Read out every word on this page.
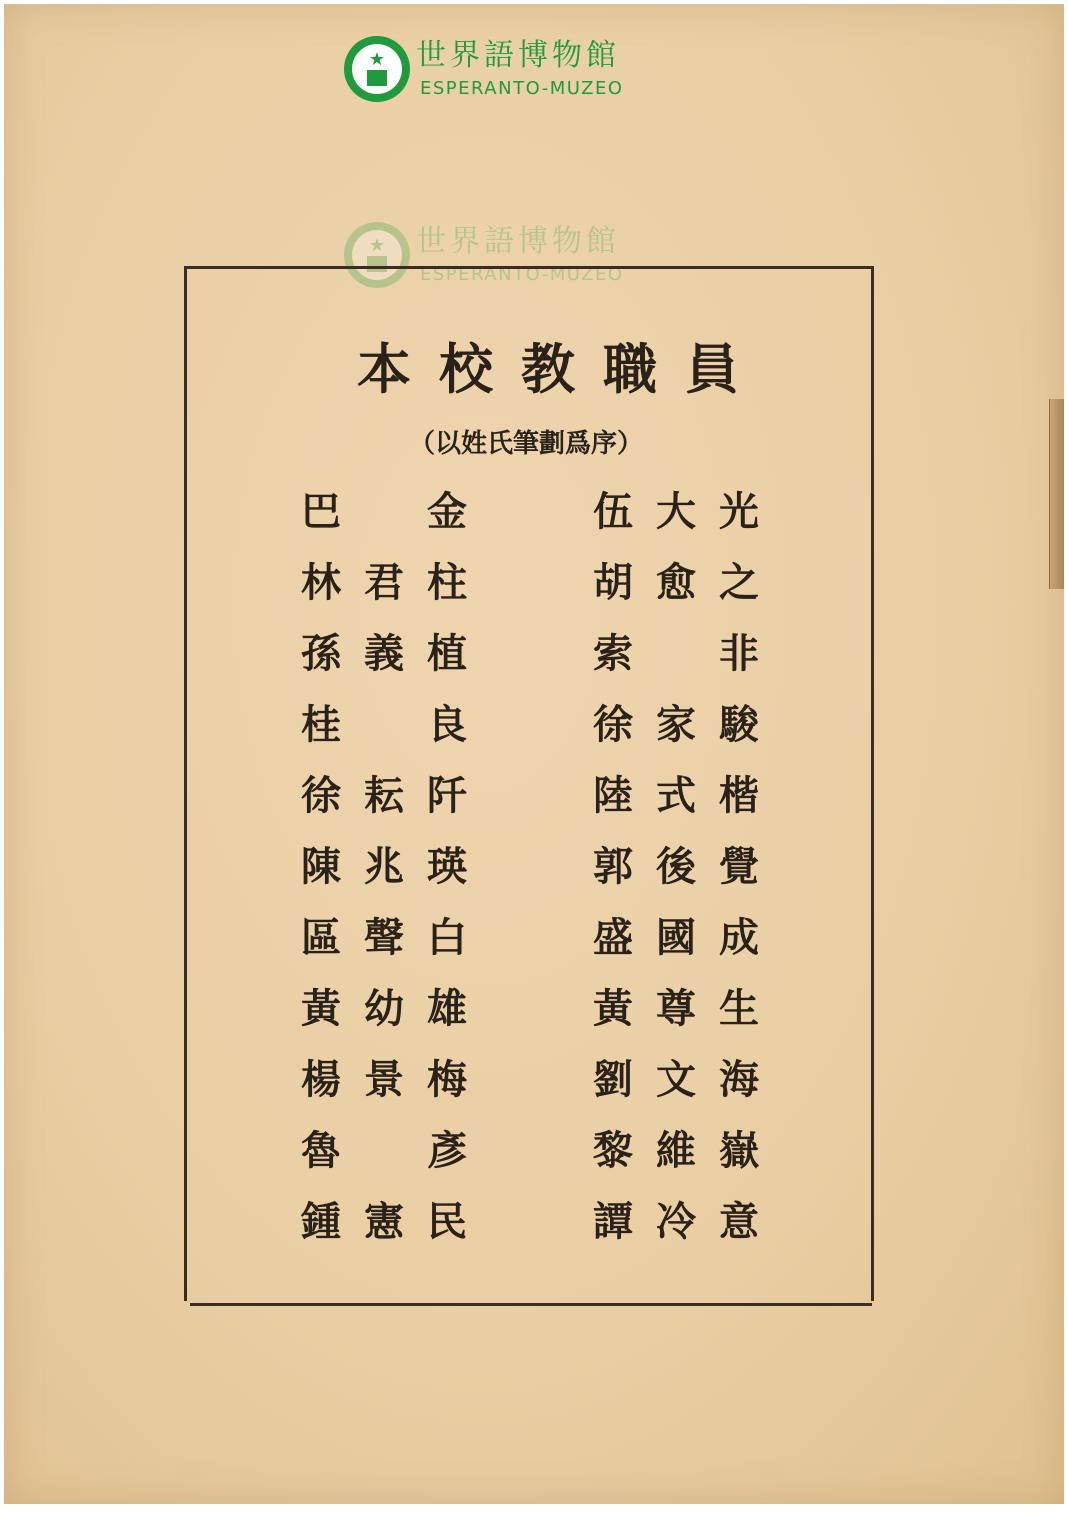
★	世界語博物館
ESPERANTO-MUZEO
★	世界語博物館
ESPERANTO-MUZEO
本校教職員
（以姓氏筆劃爲序）
巴 金
林 君 柱
孫 義 植
桂 良
徐 耘 阡
陳 兆 瑛
區 聲 白
黃 幼 雄
楊 景 梅
魯 彥
鍾 憲 民
伍 大 光
胡 愈 之
索 非
徐 家 駿
陸 式 楷
郭 後 覺
盛 國 成
黃 尊 生
劉 文 海
黎 維 嶽
譚 冷 意
